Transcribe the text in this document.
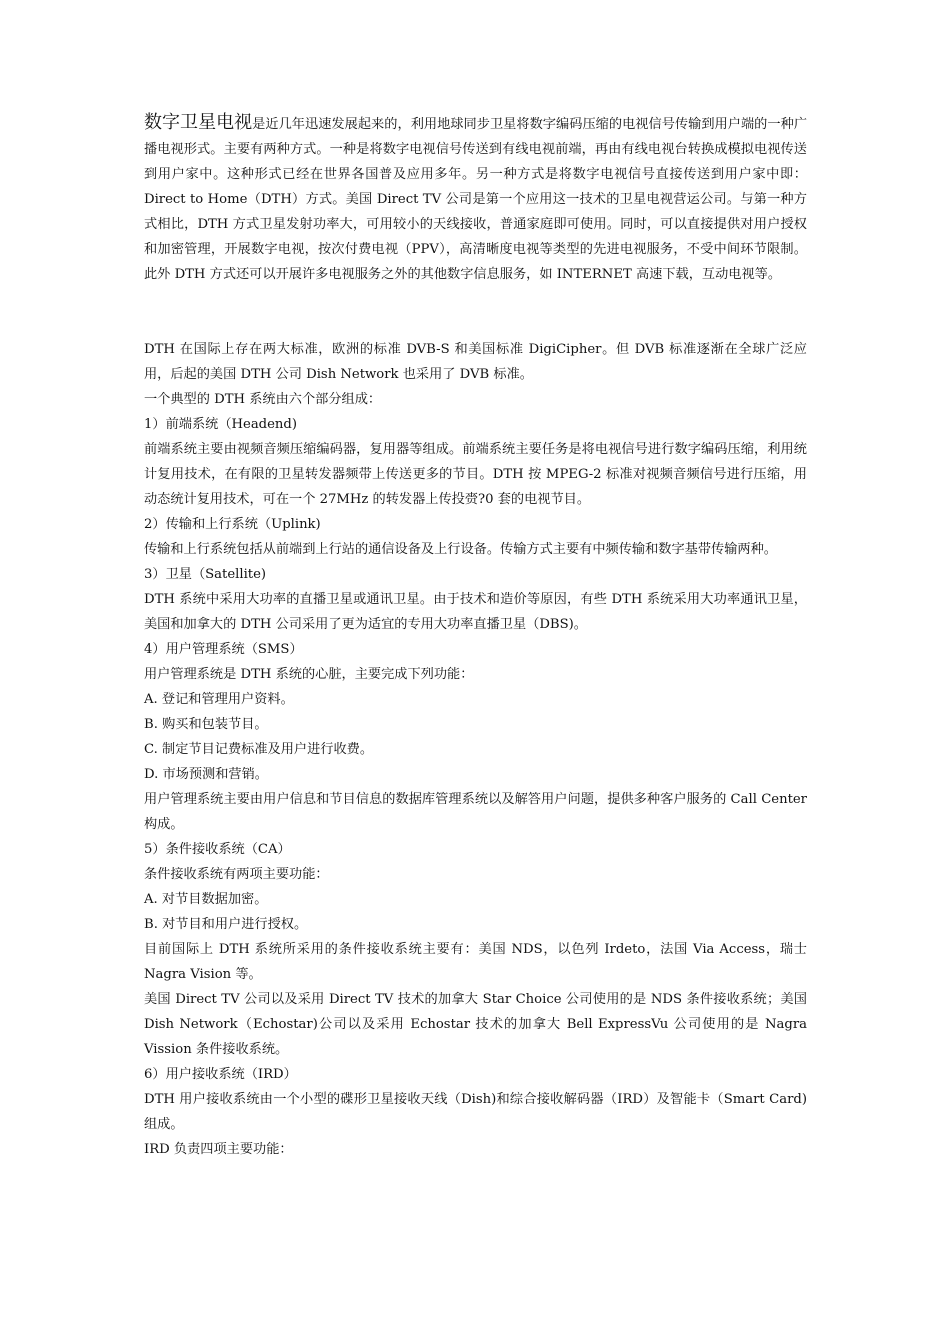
数字卫星电视是近几年迅速发展起来的，利用地球同步卫星将数字编码压缩的电视信号传输到用户端的一种广播电视形式。主要有两种方式。一种是将数字电视信号传送到有线电视前端，再由有线电视台转换成模拟电视传送到用户家中。这种形式已经在世界各国普及应用多年。另一种方式是将数字电视信号直接传送到用户家中即：Direct to Home（DTH）方式。美国 Direct TV 公司是第一个应用这一技术的卫星电视营运公司。与第一种方式相比，DTH 方式卫星发射功率大，可用较小的天线接收，普通家庭即可使用。同时，可以直接提供对用户授权和加密管理，开展数字电视，按次付费电视（PPV），高清晰度电视等类型的先进电视服务，不受中间环节限制。此外 DTH 方式还可以开展许多电视服务之外的其他数字信息服务，如 INTERNET 高速下载，互动电视等。

DTH 在国际上存在两大标准，欧洲的标准 DVB-S 和美国标准 DigiCipher。但 DVB 标准逐渐在全球广泛应用，后起的美国 DTH 公司 Dish Network 也采用了 DVB 标准。

一个典型的 DTH 系统由六个部分组成：

1）前端系统（Headend)

前端系统主要由视频音频压缩编码器，复用器等组成。前端系统主要任务是将电视信号进行数字编码压缩，利用统计复用技术，在有限的卫星转发器频带上传送更多的节目。DTH 按 MPEG-2 标准对视频音频信号进行压缩，用动态统计复用技术，可在一个 27MHz 的转发器上传投赍?0 套的电视节目。

2）传输和上行系统（Uplink)

传输和上行系统包括从前端到上行站的通信设备及上行设备。传输方式主要有中频传输和数字基带传输两种。

3）卫星（Satellite)

DTH 系统中采用大功率的直播卫星或通讯卫星。由于技术和造价等原因，有些 DTH 系统采用大功率通讯卫星，美国和加拿大的 DTH 公司采用了更为适宜的专用大功率直播卫星（DBS)。

4）用户管理系统（SMS）

用户管理系统是 DTH 系统的心脏，主要完成下列功能：

A. 登记和管理用户资料。

B. 购买和包装节目。

C. 制定节目记费标准及用户进行收费。

D. 市场预测和营销。

用户管理系统主要由用户信息和节目信息的数据库管理系统以及解答用户问题，提供多种客户服务的 Call Center 构成。

5）条件接收系统（CA）

条件接收系统有两项主要功能：

A. 对节目数据加密。

B. 对节目和用户进行授权。

目前国际上 DTH 系统所采用的条件接收系统主要有：美国 NDS，以色列 Irdeto，法国 Via Access，瑞士 Nagra Vision 等。

美国 Direct TV 公司以及采用 Direct TV 技术的加拿大 Star Choice 公司使用的是 NDS 条件接收系统；美国 Dish Network（Echostar)公司以及采用 Echostar 技术的加拿大 Bell ExpressVu 公司使用的是 Nagra Vission 条件接收系统。

6）用户接收系统（IRD）

DTH 用户接收系统由一个小型的碟形卫星接收天线（Dish)和综合接收解码器（IRD）及智能卡（Smart Card)组成。

IRD 负责四项主要功能：
